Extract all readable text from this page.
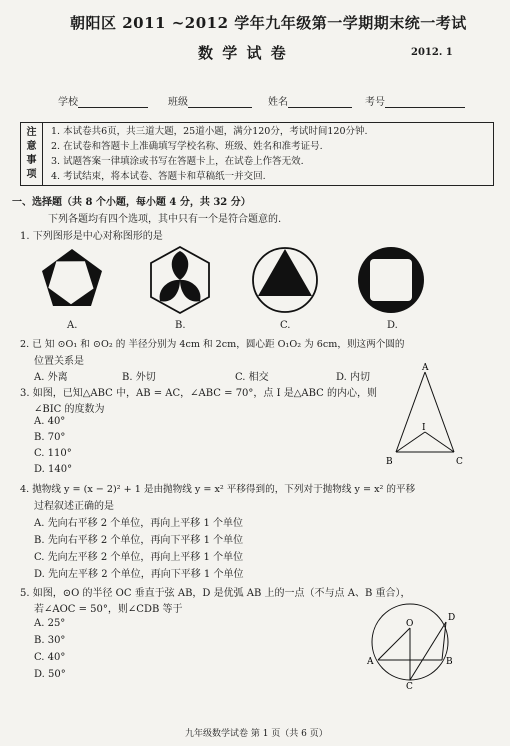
朝阳区 2011 ~2012 学年九年级第一学期期末统一考试
数 学 试 卷	2012. 1
学校	班级	姓名	考号
注
意
事
项
1. 本试卷共6页，共三道大题，25道小题，满分120分，考试时间120分钟.
2. 在试卷和答题卡上准确填写学校名称、班级、姓名和准考证号.
3. 试题答案一律填涂或书写在答题卡上，在试卷上作答无效.
4. 考试结束，将本试卷、答题卡和草稿纸一并交回.
一、选择题（共 8 个小题，每小题 4 分，共 32 分）
下列各题均有四个选项，其中只有一个是符合题意的.
1. 下列图形是中心对称图形的是
A.	B.	C.	D.
2. 已 知 ⊙O₁ 和 ⊙O₂ 的 半径分别为 4cm 和 2cm，圆心距 O₁O₂ 为 6cm，则这两个圆的
位置关系是
A. 外离	B. 外切	C. 相交	D. 内切
3. 如图，已知△ABC 中，AB = AC，∠ABC = 70°，点 I 是△ABC 的内心，则
∠BIC 的度数为
A. 40°
B. 70°
C. 110°
D. 140°
A
B	C
I
4. 抛物线 y = (x − 2)² + 1 是由抛物线 y = x² 平移得到的，下列对于抛物线 y = x² 的平移
过程叙述正确的是
A. 先向右平移 2 个单位，再向上平移 1 个单位
B. 先向右平移 2 个单位，再向下平移 1 个单位
C. 先向左平移 2 个单位，再向上平移 1 个单位
D. 先向左平移 2 个单位，再向下平移 1 个单位
5. 如图，⊙O 的半径 OC 垂直于弦 AB，D 是优弧 AB 上的一点（不与点 A、B 重合），
若∠AOC = 50°，则∠CDB 等于
A. 25°
B. 30°
C. 40°
D. 50°
O
A	B
C
D
九年级数学试卷 第 1 页（共 6 页）
